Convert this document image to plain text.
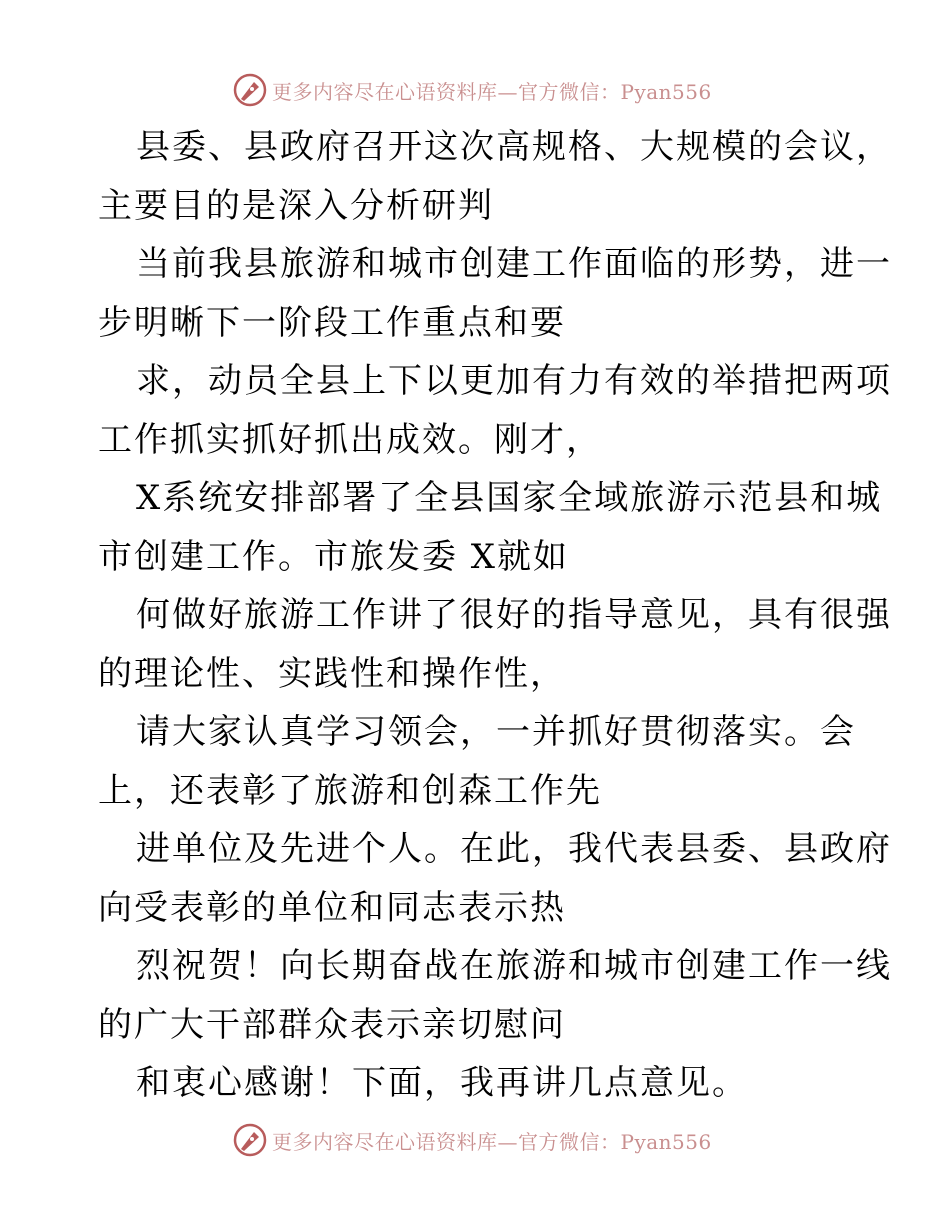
更多内容尽在心语资料库—官方微信：Pyan556
县委、县政府召开这次高规格、大规模的会议，
主要目的是深入分析研判
当前我县旅游和城市创建工作面临的形势，进一
步明晰下一阶段工作重点和要
求，动员全县上下以更加有力有效的举措把两项
工作抓实抓好抓出成效。刚才，
X系统安排部署了全县国家全域旅游示范县和城
市创建工作。市旅发委 X就如
何做好旅游工作讲了很好的指导意见，具有很强
的理论性、实践性和操作性，
请大家认真学习领会，一并抓好贯彻落实。会
上，还表彰了旅游和创森工作先
进单位及先进个人。在此，我代表县委、县政府
向受表彰的单位和同志表示热
烈祝贺！向长期奋战在旅游和城市创建工作一线
的广大干部群众表示亲切慰问
和衷心感谢！下面，我再讲几点意见。
更多内容尽在心语资料库—官方微信：Pyan556
